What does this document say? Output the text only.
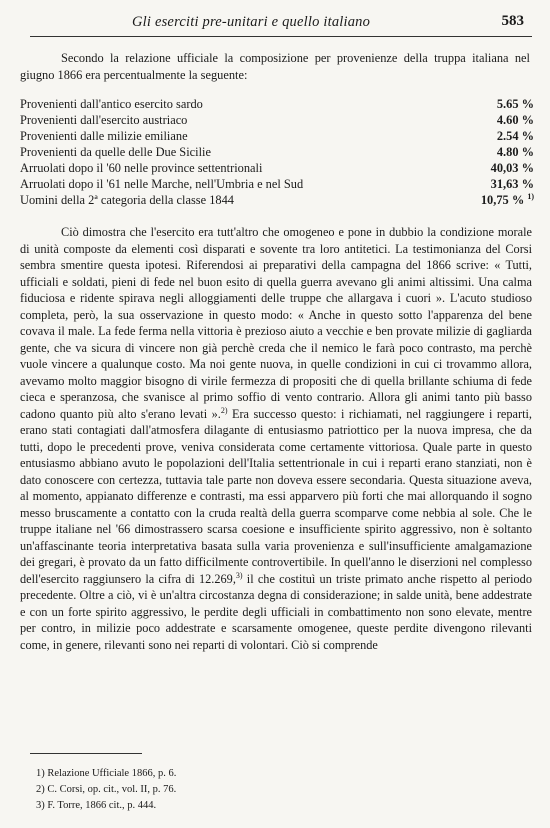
Gli eserciti pre-unitari e quello italiano	583

Secondo la relazione ufficiale la composizione per provenienze della truppa italiana nel giugno 1866 era percentualmente la seguente:

Provenienti dall'antico esercito sardo	5.65 %
Provenienti dall'esercito austriaco	4.60 %
Provenienti dalle milizie emiliane	2.54 %
Provenienti da quelle delle Due Sicilie	4.80 %
Arruolati dopo il '60 nelle province settentrionali	40,03 %
Arruolati dopo il '61 nelle Marche, nell'Umbria e nel Sud	31,63 %
Uomini della 2ª categoria della classe 1844	10,75 % $^{1)}$

Ciò dimostra che l'esercito era tutt'altro che omogeneo e pone in dubbio la condizione morale di unità composte da elementi così disparati e sovente tra loro antitetici. La testimonianza del Corsi sembra smentire questa ipotesi. Riferendosi ai preparativi della campagna del 1866 scrive: « Tutti, ufficiali e soldati, pieni di fede nel buon esito di quella guerra avevano gli animi altissimi. Una calma fiduciosa e ridente spirava negli alloggiamenti delle truppe che allargava i cuori ». L'acuto studioso completa, però, la sua osservazione in questo modo: « Anche in questo sotto l'apparenza del bene covava il male. La fede ferma nella vittoria è prezioso aiuto a vecchie e ben provate milizie di gagliarda gente, che va sicura di vincere non già perchè creda che il nemico le farà poco contrasto, ma perchè vuole vincere a qualunque costo. Ma noi gente nuova, in quelle condizioni in cui ci trovammo allora, avevamo molto maggior bisogno di virile fermezza di propositi che di quella brillante schiuma di fede cieca e speranzosa, che svanisce al primo soffio di vento contrario. Allora gli animi tanto più basso cadono quanto più alto s'erano levati ».$^{2)}$ Era successo questo: i richiamati, nel raggiungere i reparti, erano stati contagiati dall'atmosfera dilagante di entusiasmo patriottico per la nuova impresa, che da tutti, dopo le precedenti prove, veniva considerata come certamente vittoriosa. Quale parte in questo entusiasmo abbiano avuto le popolazioni dell'Italia settentrionale in cui i reparti erano stanziati, non è dato conoscere con certezza, tuttavia tale parte non doveva essere secondaria. Questa situazione aveva, al momento, appianato differenze e contrasti, ma essi apparvero più forti che mai allorquando il sogno messo bruscamente a contatto con la cruda realtà della guerra scomparve come nebbia al sole. Che le truppe italiane nel '66 dimostrassero scarsa coesione e insufficiente spirito aggressivo, non è soltanto un'affascinante teoria interpretativa basata sulla varia provenienza e sull'insufficiente amalgamazione dei gregari, è provato da un fatto difficilmente controvertibile. In quell'anno le diserzioni nel complesso dell'esercito raggiunsero la cifra di 12.269,$^{3)}$ il che costituì un triste primato anche rispetto al periodo precedente. Oltre a ciò, vi è un'altra circostanza degna di considerazione; in salde unità, bene addestrate e con un forte spirito aggressivo, le perdite degli ufficiali in combattimento non sono elevate, mentre per contro, in milizie poco addestrate e scarsamente omogenee, queste perdite divengono rilevanti come, in genere, rilevanti sono nei reparti di volontari. Ciò si comprende

1) Relazione Ufficiale 1866, p. 6.
2) C. Corsi, op. cit., vol. II, p. 76.
3) F. Torre, 1866 cit., p. 444.
